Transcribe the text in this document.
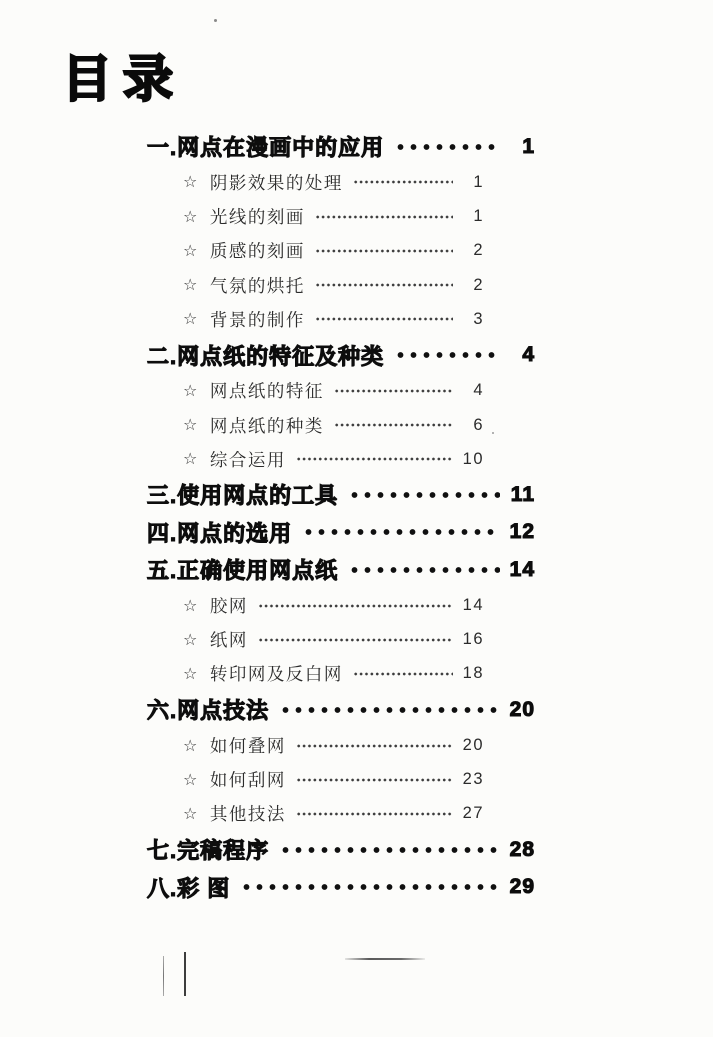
目录
一.网点在漫画中的应用	1
☆ 阴影效果的处理	1
☆ 光线的刻画	1
☆ 质感的刻画	2
☆ 气氛的烘托	2
☆ 背景的制作	3
二.网点纸的特征及种类	4
☆ 网点纸的特征	4
☆ 网点纸的种类	6
☆ 综合运用	10
三.使用网点的工具	11
四.网点的选用	12
五.正确使用网点纸	14
☆ 胶网	14
☆ 纸网	16
☆ 转印网及反白网	18
六.网点技法	20
☆ 如何叠网	20
☆ 如何刮网	23
☆ 其他技法	27
七.完稿程序	28
八.彩 图	29
